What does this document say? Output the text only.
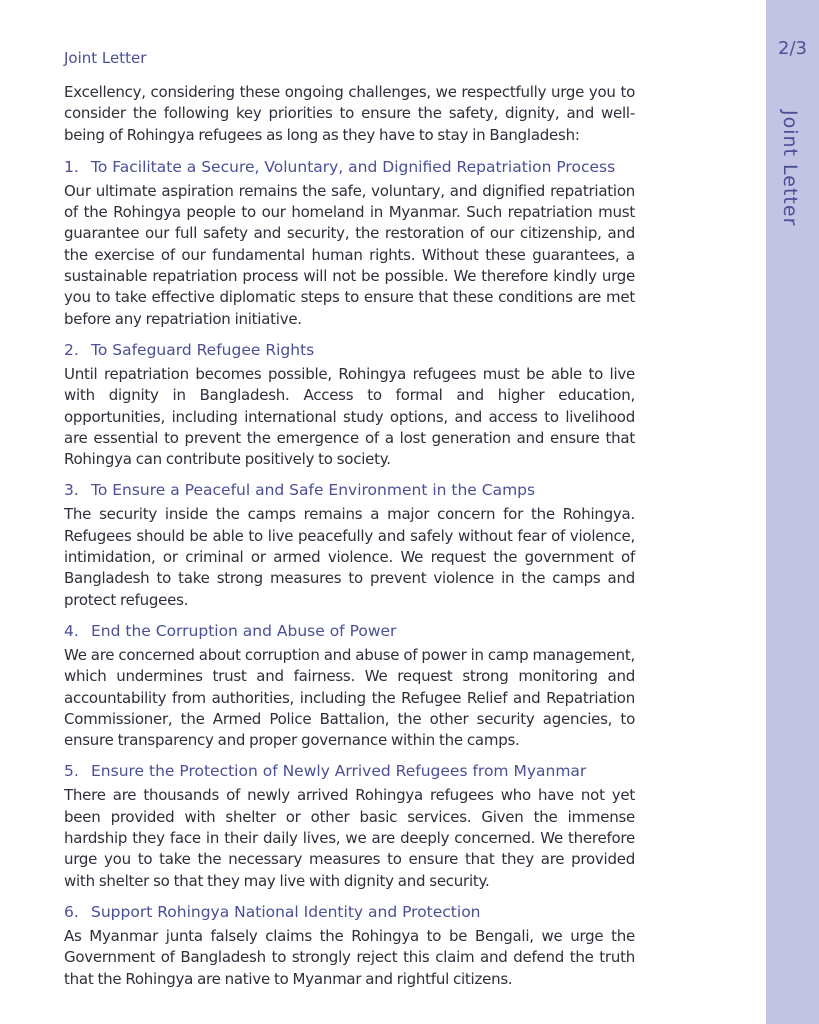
Joint Letter

Excellency, considering these ongoing challenges, we respectfully urge you to consider the following key priorities to ensure the safety, dignity, and well-being of Rohingya refugees as long as they have to stay in Bangladesh:

1. To Facilitate a Secure, Voluntary, and Dignified Repatriation Process

Our ultimate aspiration remains the safe, voluntary, and dignified repatriation of the Rohingya people to our homeland in Myanmar. Such repatriation must guarantee our full safety and security, the restoration of our citizenship, and the exercise of our fundamental human rights. Without these guarantees, a sustainable repatriation process will not be possible. We therefore kindly urge you to take effective diplomatic steps to ensure that these conditions are met before any repatriation initiative.

2. To Safeguard Refugee Rights

Until repatriation becomes possible, Rohingya refugees must be able to live with dignity in Bangladesh. Access to formal and higher education, opportunities, including international study options, and access to livelihood are essential to prevent the emergence of a lost generation and ensure that Rohingya can contribute positively to society.

3. To Ensure a Peaceful and Safe Environment in the Camps

The security inside the camps remains a major concern for the Rohingya. Refugees should be able to live peacefully and safely without fear of violence, intimidation, or criminal or armed violence. We request the government of Bangladesh to take strong measures to prevent violence in the camps and protect refugees.

4. End the Corruption and Abuse of Power

We are concerned about corruption and abuse of power in camp management, which undermines trust and fairness. We request strong monitoring and accountability from authorities, including the Refugee Relief and Repatriation Commissioner, the Armed Police Battalion, the other security agencies, to ensure transparency and proper governance within the camps.

5. Ensure the Protection of Newly Arrived Refugees from Myanmar

There are thousands of newly arrived Rohingya refugees who have not yet been provided with shelter or other basic services. Given the immense hardship they face in their daily lives, we are deeply concerned. We therefore urge you to take the necessary measures to ensure that they are provided with shelter so that they may live with dignity and security.

6. Support Rohingya National Identity and Protection

As Myanmar junta falsely claims the Rohingya to be Bengali, we urge the Government of Bangladesh to strongly reject this claim and defend the truth that the Rohingya are native to Myanmar and rightful citizens.

2/3
Joint Letter
